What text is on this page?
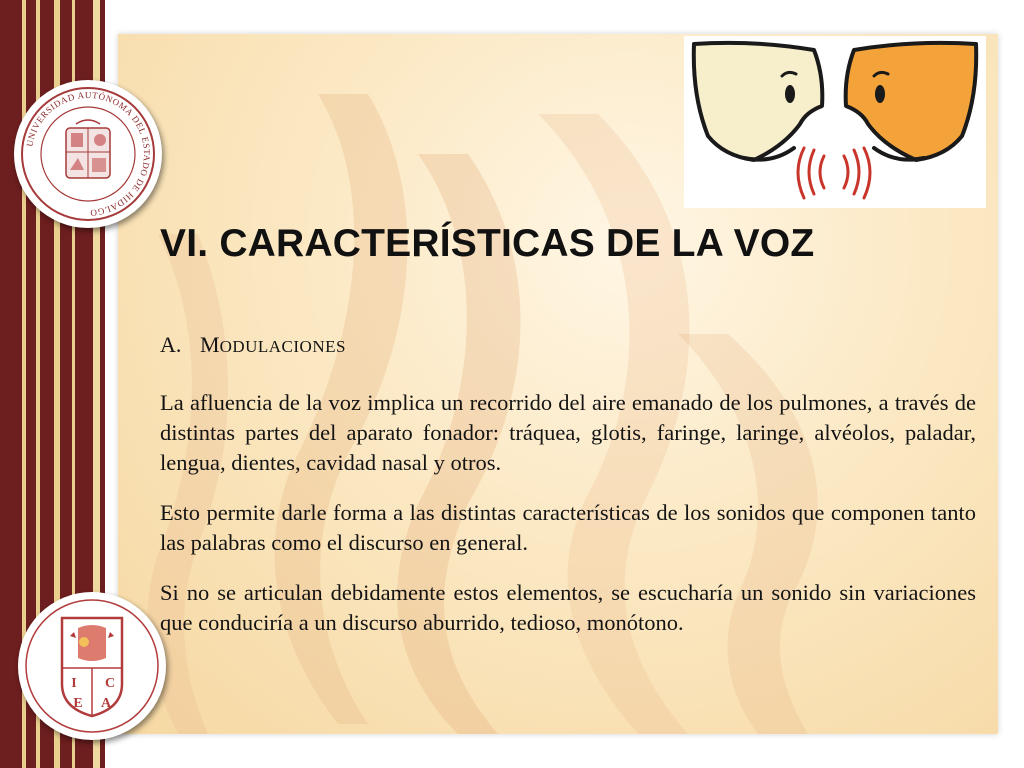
UNIVERSIDAD AUTÓNOMA DEL ESTADO DE HIDALGO
I C
E A
VI. CARACTERÍSTICAS DE LA VOZ
A. M ODULACIONES

La afluencia de la voz implica un recorrido del aire emanado de los pulmones, a través de distintas partes del aparato fonador: tráquea, glotis, faringe, laringe, alvéolos, paladar, lengua, dientes, cavidad nasal y otros.

Esto permite darle forma a las distintas características de los sonidos que componen tanto las palabras como el discurso en general.

Si no se articulan debidamente estos elementos, se escucharía un sonido sin variaciones que conduciría a un discurso aburrido, tedioso, monótono.
